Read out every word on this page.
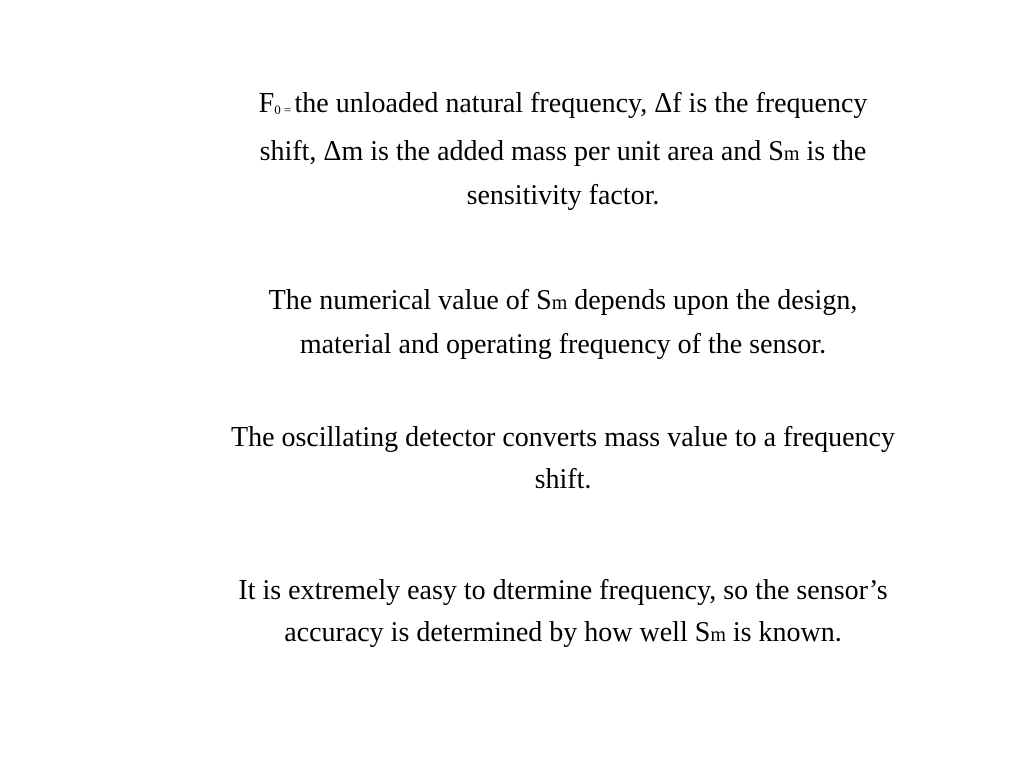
F0 = the unloaded natural frequency, Δf is the frequency
shift, Δm is the added mass per unit area and Sm is the
sensitivity factor.

The numerical value of Sm depends upon the design,
material and operating frequency of the sensor.

The oscillating detector converts mass value to a frequency
shift.

It is extremely easy to dtermine frequency, so the sensor’s
accuracy is determined by how well Sm is known.
